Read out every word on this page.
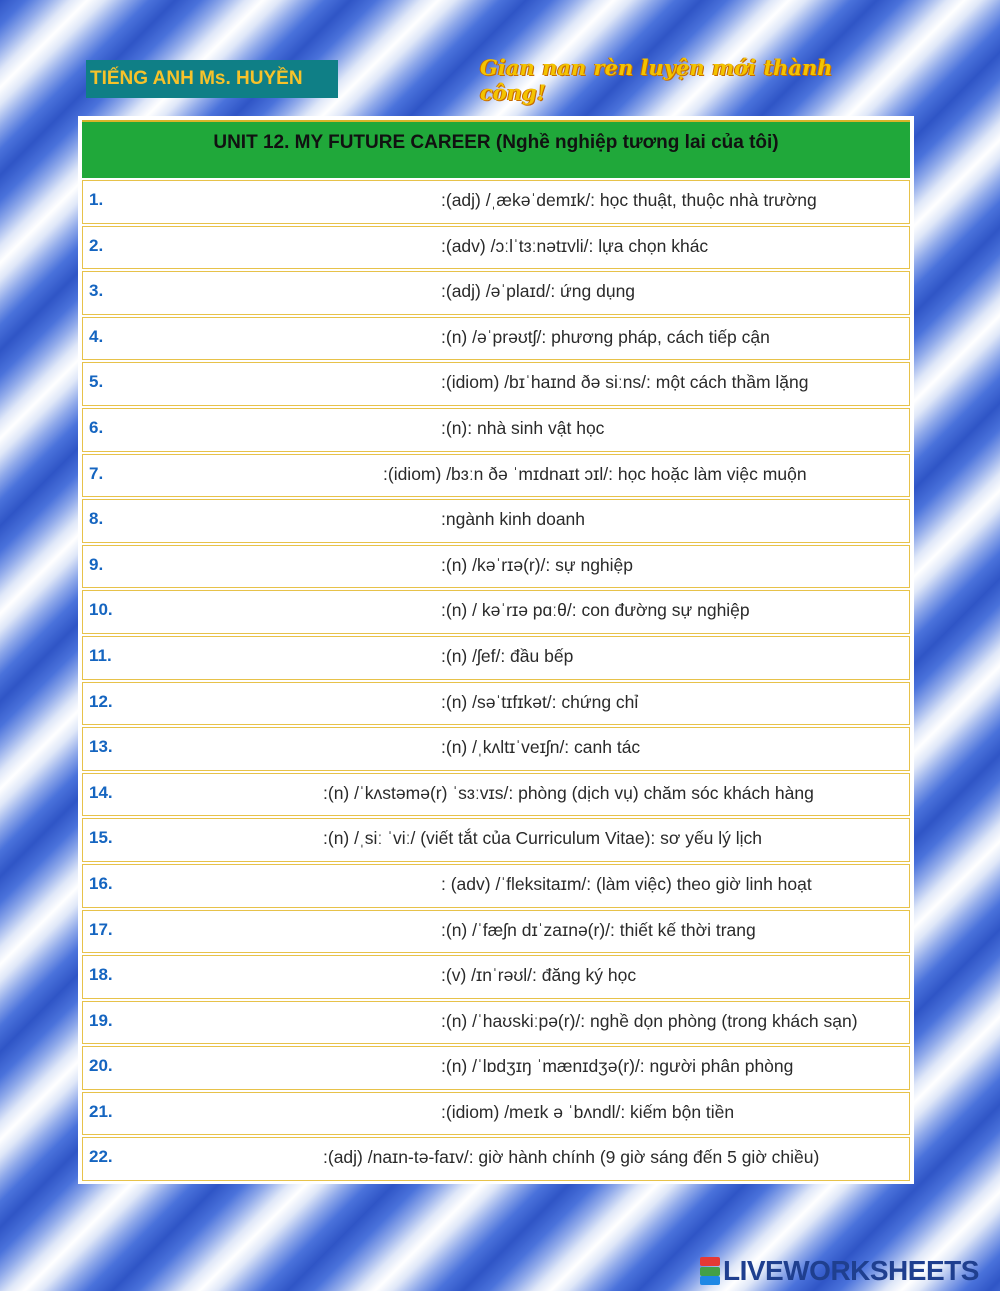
TIẾNG ANH Ms. HUYỀN	Gian nan rèn luyện mới thành công!
UNIT 12. MY FUTURE CAREER (Nghề nghiệp tương lai của tôi)
1.	:(adj) /ˌækəˈdemɪk/: học thuật, thuộc nhà trường
2.	:(adv) /ɔːlˈtɜːnətɪvli/: lựa chọn khác
3.	:(adj) /əˈplaɪd/: ứng dụng
4.	:(n) /əˈprəʊtʃ/: phương pháp, cách tiếp cận
5.	:(idiom) /bɪˈhaɪnd ðə siːns/: một cách thầm lặng
6.	:(n): nhà sinh vật học
7.	:(idiom) /bɜːn ðə ˈmɪdnaɪt ɔɪl/: học hoặc làm việc muộn
8.	:ngành kinh doanh
9.	:(n) /kəˈrɪə(r)/: sự nghiệp
10.	:(n) / kəˈrɪə pɑːθ/: con đường sự nghiệp
11.	:(n) /ʃef/: đầu bếp
12.	:(n) /səˈtɪfɪkət/: chứng chỉ
13.	:(n) /ˌkʌltɪˈveɪʃn/: canh tác
14.	:(n) /ˈkʌstəmə(r) ˈsɜːvɪs/: phòng (dịch vụ) chăm sóc khách hàng
15.	:(n) /ˌsiː ˈviː/ (viết tắt của Curriculum Vitae): sơ yếu lý lịch
16.	: (adv) /ˈfleksitaɪm/: (làm việc) theo giờ linh hoạt
17.	:(n) /ˈfæʃn dɪˈzaɪnə(r)/: thiết kế thời trang
18.	:(v) /ɪnˈrəʊl/: đăng ký học
19.	:(n) /ˈhaʊskiːpə(r)/: nghề dọn phòng (trong khách sạn)
20.	:(n) /ˈlɒdʒɪŋ ˈmænɪdʒə(r)/: người phân phòng
21.	:(idiom) /meɪk ə ˈbʌndl/: kiếm bộn tiền
22.	:(adj) /naɪn-tə-faɪv/: giờ hành chính (9 giờ sáng đến 5 giờ chiều)
LIVEWORKSHEETS
